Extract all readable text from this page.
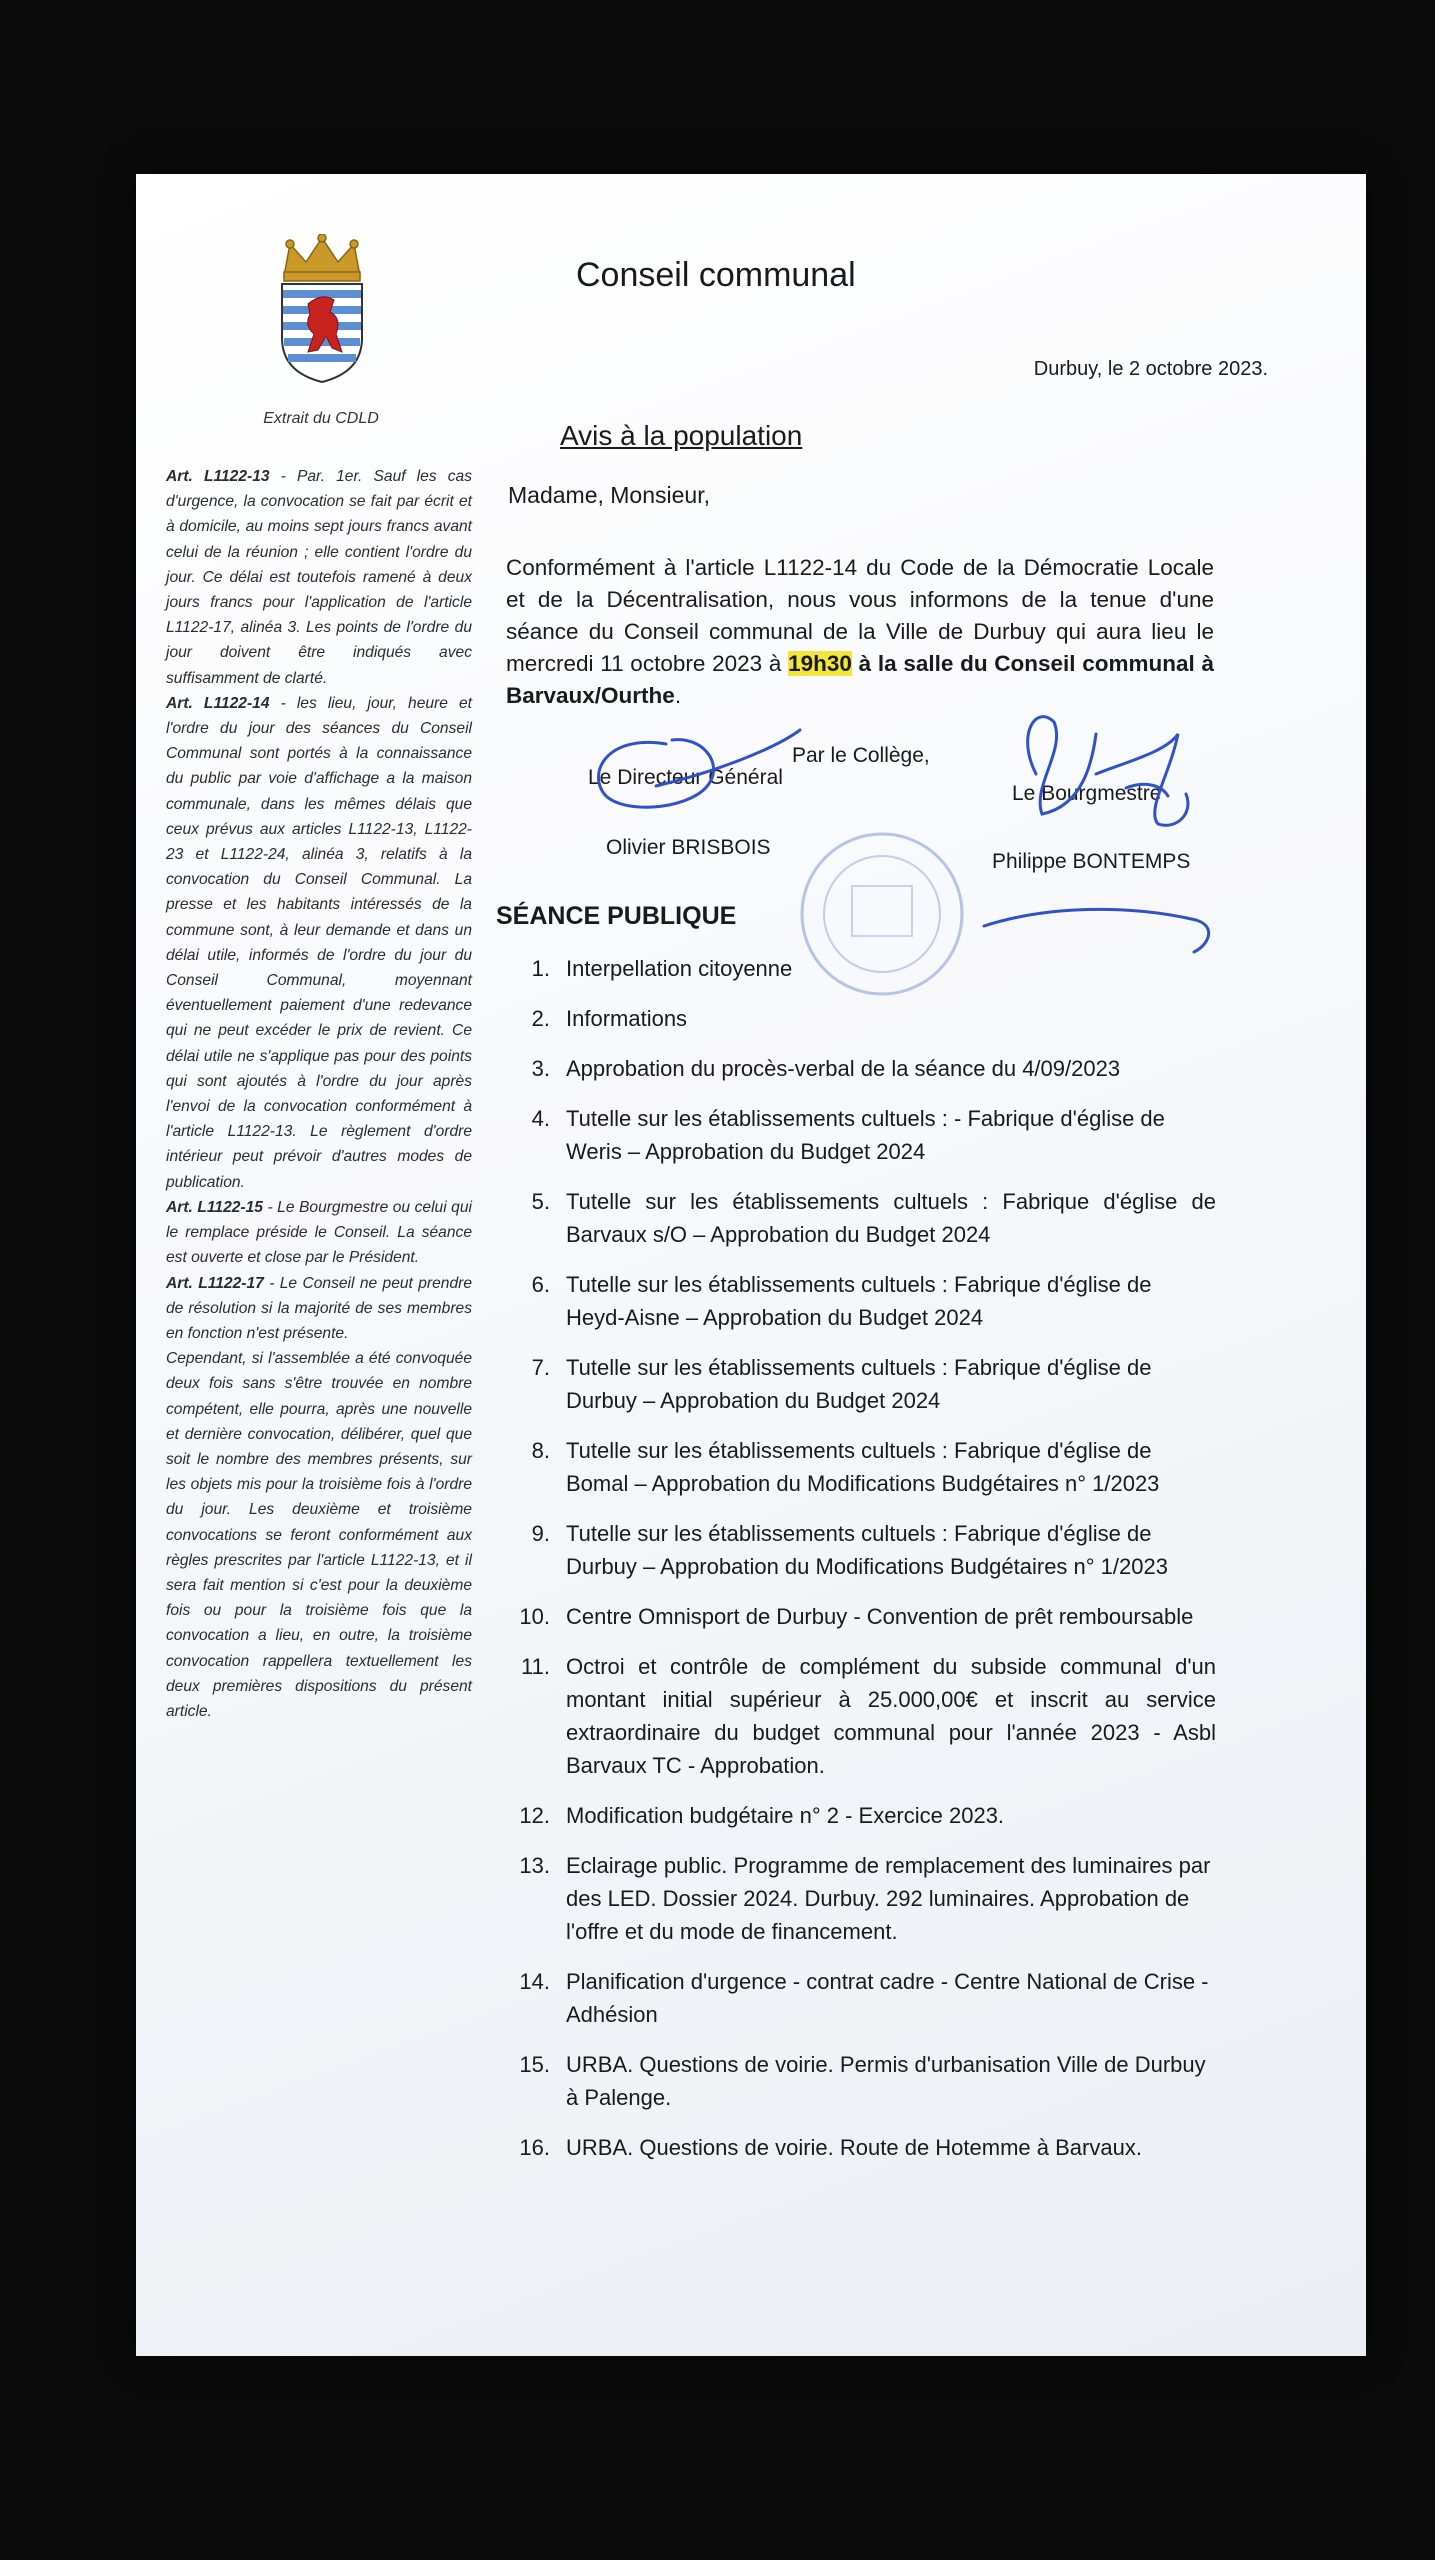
Extrait du CDLD

Art. L1122-13 - Par. 1er. Sauf les cas d'urgence, la convocation se fait par écrit et à domicile, au moins sept jours francs avant celui de la réunion ; elle contient l'ordre du jour. Ce délai est toutefois ramené à deux jours francs pour l'application de l'article L1122-17, alinéa 3. Les points de l'ordre du jour doivent être indiqués avec suffisamment de clarté.

Art. L1122-14 - les lieu, jour, heure et l'ordre du jour des séances du Conseil Communal sont portés à la connaissance du public par voie d'affichage a la maison communale, dans les mêmes délais que ceux prévus aux articles L1122-13, L1122-23 et L1122-24, alinéa 3, relatifs à la convocation du Conseil Communal. La presse et les habitants intéressés de la commune sont, à leur demande et dans un délai utile, informés de l'ordre du jour du Conseil Communal, moyennant éventuellement paiement d'une redevance qui ne peut excéder le prix de revient. Ce délai utile ne s'applique pas pour des points qui sont ajoutés à l'ordre du jour après l'envoi de la convocation conformément à l'article L1122-13. Le règlement d'ordre intérieur peut prévoir d'autres modes de publication.

Art. L1122-15 - Le Bourgmestre ou celui qui le remplace préside le Conseil. La séance est ouverte et close par le Président.

Art. L1122-17 - Le Conseil ne peut prendre de résolution si la majorité de ses membres en fonction n'est présente.

Cependant, si l'assemblée a été convoquée deux fois sans s'être trouvée en nombre compétent, elle pourra, après une nouvelle et dernière convocation, délibérer, quel que soit le nombre des membres présents, sur les objets mis pour la troisième fois à l'ordre du jour. Les deuxième et troisième convocations se feront conformément aux règles prescrites par l'article L1122-13, et il sera fait mention si c'est pour la deuxième fois ou pour la troisième fois que la convocation a lieu, en outre, la troisième convocation rappellera textuellement les deux premières dispositions du présent article.

Conseil communal
Durbuy, le 2 octobre 2023.
Avis à la population
Madame, Monsieur,
Conformément à l'article L1122-14 du Code de la Démocratie Locale et de la Décentralisation, nous vous informons de la tenue d'une séance du Conseil communal de la Ville de Durbuy qui aura lieu le mercredi 11 octobre 2023 à 19h30 à la salle du Conseil communal à Barvaux/Ourthe.
Par le Collège,
Le Directeur Général
Olivier BRISBOIS
Le Bourgmestre
Philippe BONTEMPS
SÉANCE PUBLIQUE
1. Interpellation citoyenne
2. Informations
3. Approbation du procès-verbal de la séance du 4/09/2023
4. Tutelle sur les établissements cultuels : - Fabrique d'église de Weris – Approbation du Budget 2024
5. Tutelle sur les établissements cultuels : Fabrique d'église de Barvaux s/O – Approbation du Budget 2024
6. Tutelle sur les établissements cultuels : Fabrique d'église de Heyd-Aisne – Approbation du Budget 2024
7. Tutelle sur les établissements cultuels : Fabrique d'église de Durbuy – Approbation du Budget 2024
8. Tutelle sur les établissements cultuels : Fabrique d'église de Bomal – Approbation du Modifications Budgétaires n° 1/2023
9. Tutelle sur les établissements cultuels : Fabrique d'église de Durbuy – Approbation du Modifications Budgétaires n° 1/2023
10. Centre Omnisport de Durbuy - Convention de prêt remboursable
11. Octroi et contrôle de complément du subside communal d'un montant initial supérieur à 25.000,00€ et inscrit au service extraordinaire du budget communal pour l'année 2023 - Asbl Barvaux TC - Approbation.
12. Modification budgétaire n° 2 - Exercice 2023.
13. Eclairage public. Programme de remplacement des luminaires par des LED. Dossier 2024. Durbuy. 292 luminaires. Approbation de l'offre et du mode de financement.
14. Planification d'urgence - contrat cadre - Centre National de Crise - Adhésion
15. URBA. Questions de voirie. Permis d'urbanisation Ville de Durbuy à Palenge.
16. URBA. Questions de voirie. Route de Hotemme à Barvaux.
